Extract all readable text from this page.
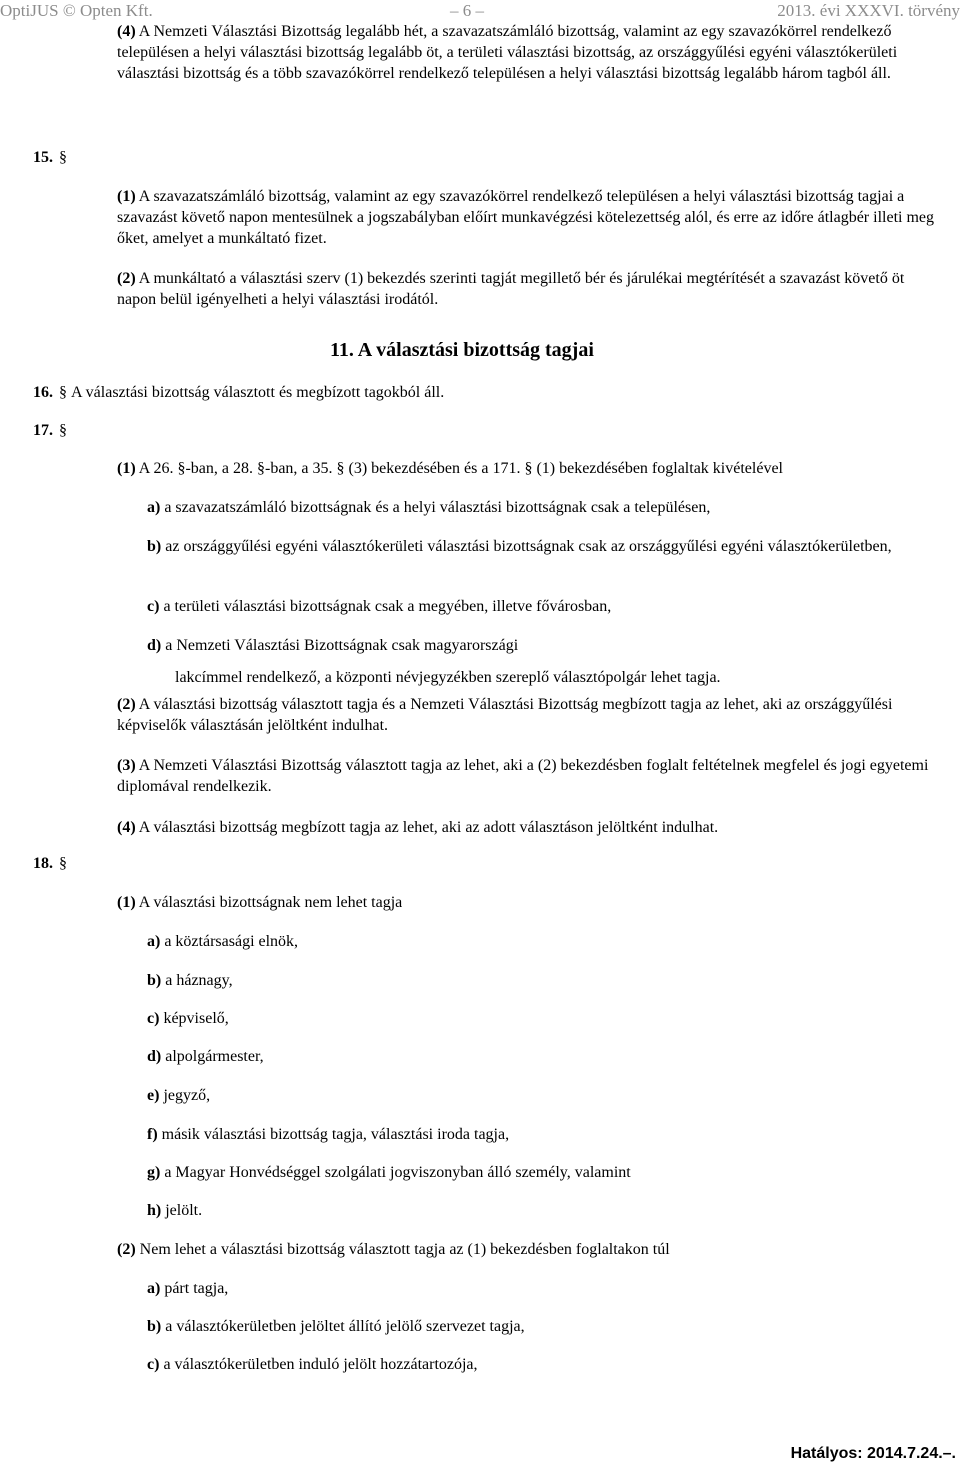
OptiJUS © Opten Kft.	– 6 –	2013. évi XXXVI. törvény
(4) A Nemzeti Választási Bizottság legalább hét, a szavazatszámláló bizottság, valamint az egy szavazókörrel rendelkező településen a helyi választási bizottság legalább öt, a területi választási bizottság, az országgyűlési egyéni választókerületi választási bizottság és a több szavazókörrel rendelkező településen a helyi választási bizottság legalább három tagból áll.
15. §
(1) A szavazatszámláló bizottság, valamint az egy szavazókörrel rendelkező településen a helyi választási bizottság tagjai a szavazást követő napon mentesülnek a jogszabályban előírt munkavégzési kötelezettség alól, és erre az időre átlagbér illeti meg őket, amelyet a munkáltató fizet.
(2) A munkáltató a választási szerv (1) bekezdés szerinti tagját megillető bér és járulékai megtérítését a szavazást követő öt napon belül igényelheti a helyi választási irodától.
11. A választási bizottság tagjai
16. § A választási bizottság választott és megbízott tagokból áll.
17. §
(1) A 26. §-ban, a 28. §-ban, a 35. § (3) bekezdésében és a 171. § (1) bekezdésében foglaltak kivételével
a) a szavazatszámláló bizottságnak és a helyi választási bizottságnak csak a településen,
b) az országgyűlési egyéni választókerületi választási bizottságnak csak az országgyűlési egyéni választókerületben,
c) a területi választási bizottságnak csak a megyében, illetve fővárosban,
d) a Nemzeti Választási Bizottságnak csak magyarországi
lakcímmel rendelkező, a központi névjegyzékben szereplő választópolgár lehet tagja.
(2) A választási bizottság választott tagja és a Nemzeti Választási Bizottság megbízott tagja az lehet, aki az országgyűlési képviselők választásán jelöltként indulhat.
(3) A Nemzeti Választási Bizottság választott tagja az lehet, aki a (2) bekezdésben foglalt feltételnek megfelel és jogi egyetemi diplomával rendelkezik.
(4) A választási bizottság megbízott tagja az lehet, aki az adott választáson jelöltként indulhat.
18. §
(1) A választási bizottságnak nem lehet tagja
a) a köztársasági elnök,
b) a háznagy,
c) képviselő,
d) alpolgármester,
e) jegyző,
f) másik választási bizottság tagja, választási iroda tagja,
g) a Magyar Honvédséggel szolgálati jogviszonyban álló személy, valamint
h) jelölt.
(2) Nem lehet a választási bizottság választott tagja az (1) bekezdésben foglaltakon túl
a) párt tagja,
b) a választókerületben jelöltet állító jelölő szervezet tagja,
c) a választókerületben induló jelölt hozzátartozója,
Hatályos: 2014.7.24.–.
